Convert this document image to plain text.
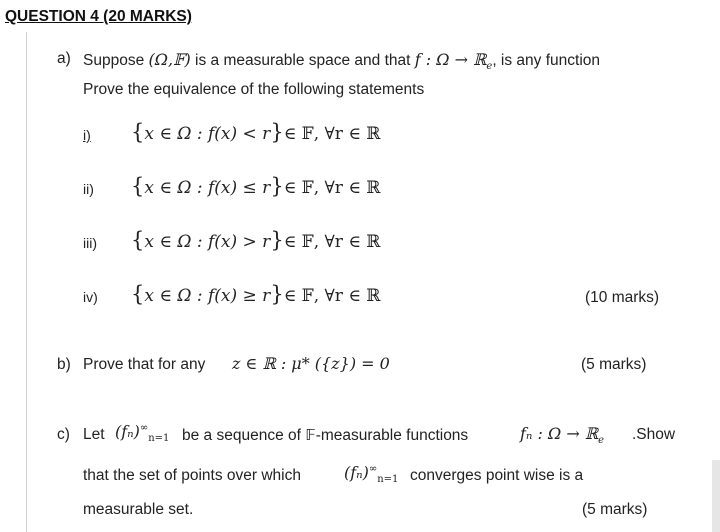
QUESTION 4 (20 MARKS)
a) Suppose (Ω,𝔽) is a measurable space and that f : Ω → ℝ$_e$, is any function
Prove the equivalence of the following statements
i) {x ∈ Ω : f(x) < r}∈ 𝔽, ∀r ∈ ℝ
ii) {x ∈ Ω : f(x) ≤ r}∈ 𝔽, ∀r ∈ ℝ
iii) {x ∈ Ω : f(x) > r}∈ 𝔽, ∀r ∈ ℝ
iv) {x ∈ Ω : f(x) ≥ r}∈ 𝔽, ∀r ∈ ℝ	(10 marks)
b) Prove that for any z ∈ ℝ : μ* ({z}) = 0	(5 marks)
c) Let $(f_n)^\infty_{n=1}$ be a sequence of 𝔽-measurable functions	fₙ : Ω → ℝ$_e$ .Show
that the set of points over which	$(f_n)^\infty_{n=1}$ converges point wise is a
measurable set.	(5 marks)
